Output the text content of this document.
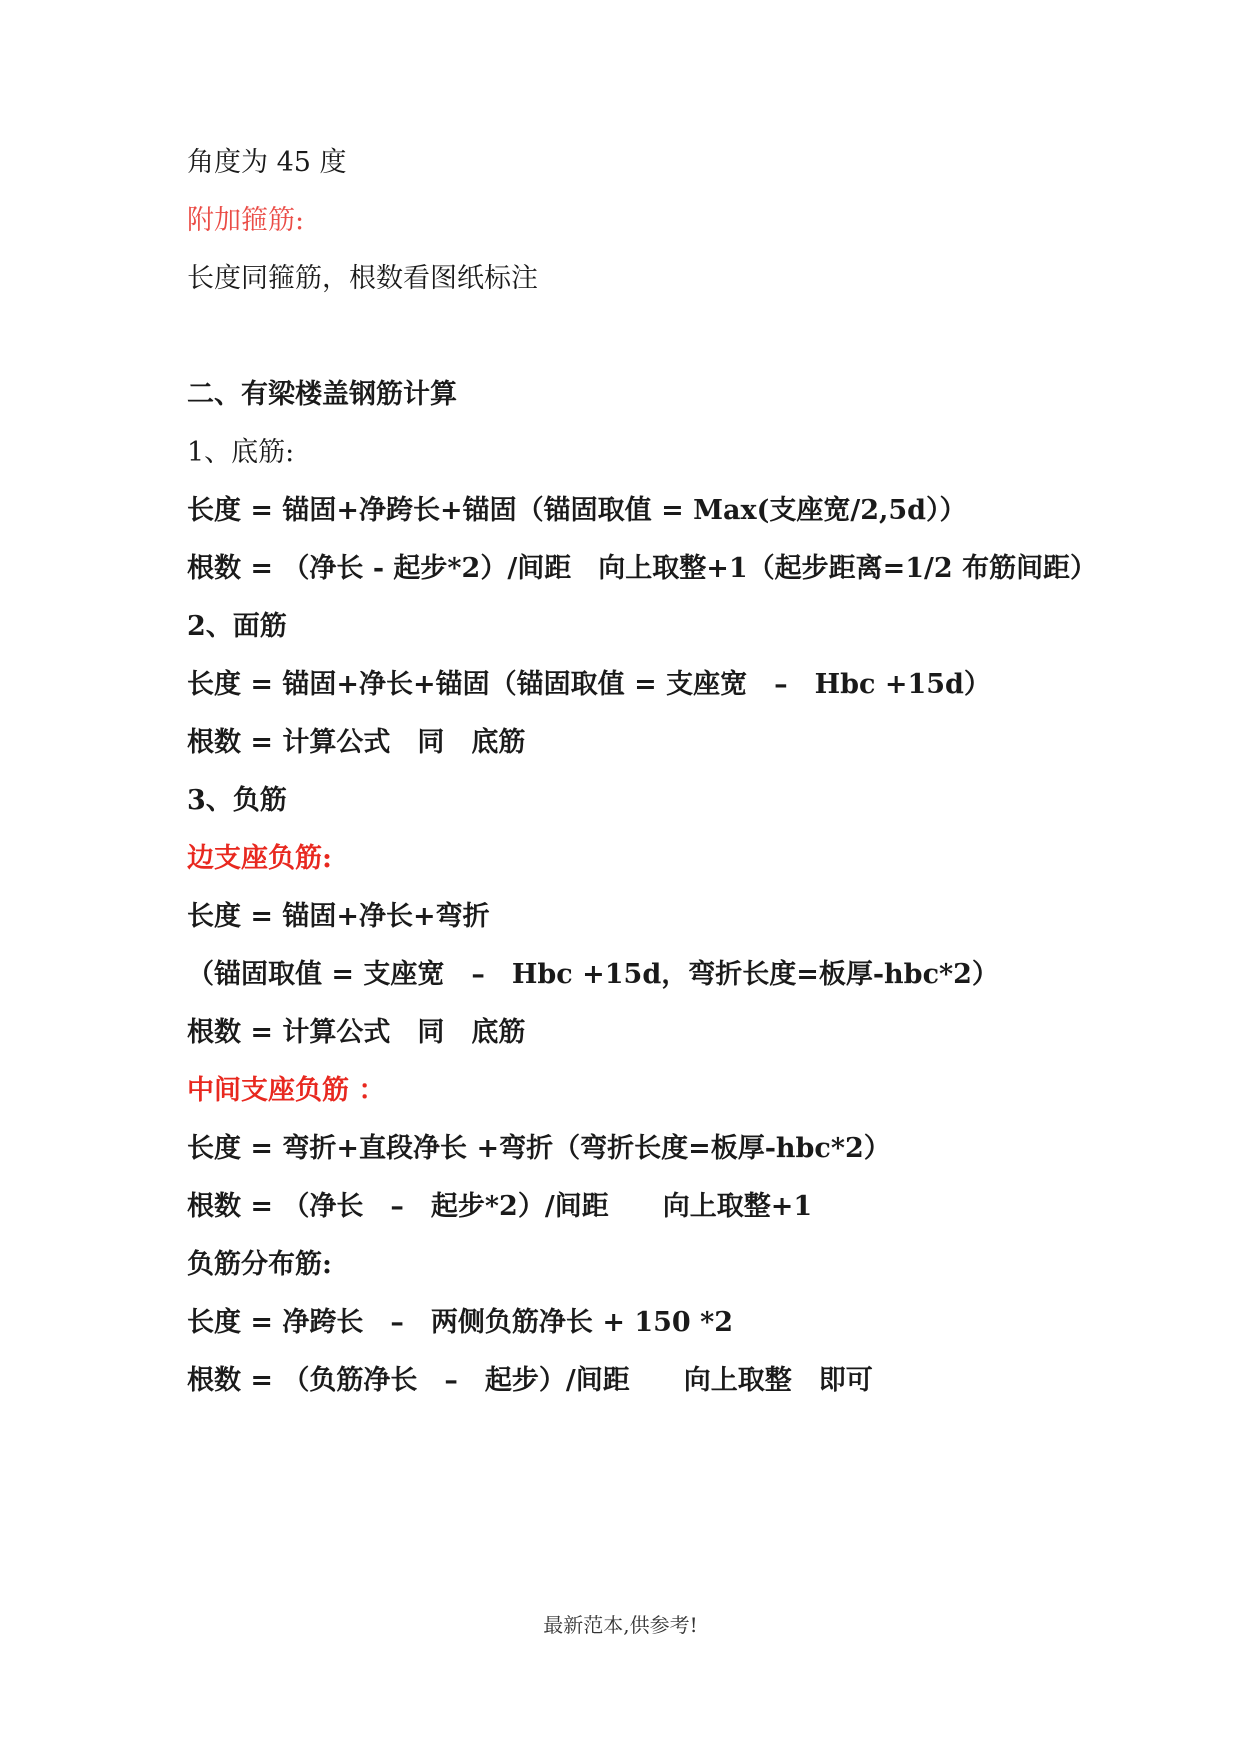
角度为 45 度
附加箍筋:
长度同箍筋，根数看图纸标注
二、有梁楼盖钢筋计算
1、底筋:
长度 = 锚固+净跨长+锚固（锚固取值 = Max(支座宽/2,5d））
根数 = （净长 - 起步*2）/间距　向上取整+1（起步距离=1/2 布筋间距）
2、面筋
长度 = 锚固+净长+锚固（锚固取值 = 支座宽　–　Hbc +15d）
根数 = 计算公式　同　底筋
3、负筋
边支座负筋:
长度 = 锚固+净长+弯折
（锚固取值 = 支座宽　–　Hbc +15d，弯折长度=板厚-hbc*2）
根数 = 计算公式　同　底筋
中间支座负筋 ：
长度 = 弯折+直段净长 +弯折（弯折长度=板厚-hbc*2）
根数 = （净长　–　起步*2）/间距　　向上取整+1
负筋分布筋:
长度 = 净跨长　–　两侧负筋净长 + 150 *2
根数 = （负筋净长　–　起步）/间距　　向上取整　即可
最新范本,供参考!
